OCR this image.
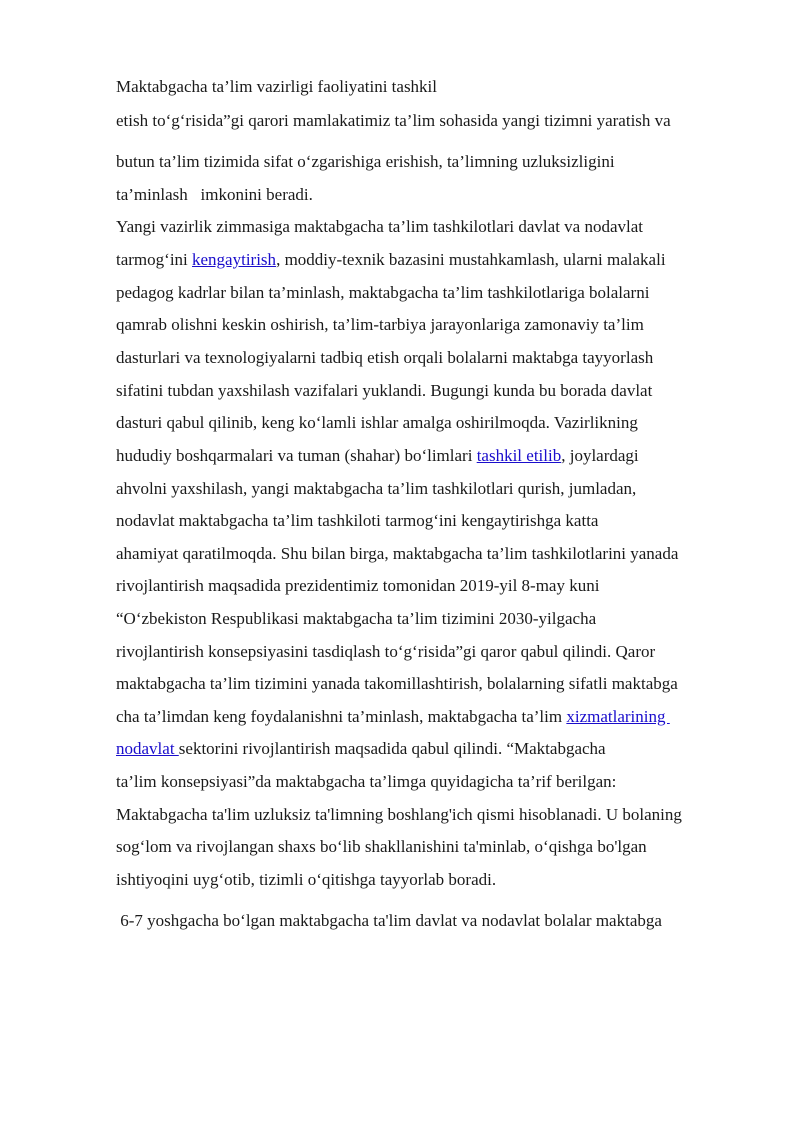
Maktabgacha ta’lim vazirligi faoliyatini tashkil
etish to‘g‘risida”gi qarori mamlakatimiz ta’lim sohasida yangi tizimni yaratish va
butun ta’lim tizimida sifat o‘zgarishiga erishish, ta’limning uzluksizligini
ta’minlash   imkonini beradi.
Yangi vazirlik zimmasiga maktabgacha ta’lim tashkilotlari davlat va nodavlat
tarmog‘ini kengaytirish, moddiy-texnik bazasini mustahkamlash, ularni malakali
pedagog kadrlar bilan ta’minlash, maktabgacha ta’lim tashkilotlariga bolalarni
qamrab olishni keskin oshirish, ta’lim-tarbiya jarayonlariga zamonaviy ta’lim
dasturlari va texnologiyalarni tadbiq etish orqali bolalarni maktabga tayyorlash
sifatini tubdan yaxshilash vazifalari yuklandi. Bugungi kunda bu borada davlat
dasturi qabul qilinib, keng ko‘lamli ishlar amalga oshirilmoqda. Vazirlikning
hududiy boshqarmalari va tuman (shahar) bo‘limlari tashkil etilib, joylardagi
ahvolni yaxshilash, yangi maktabgacha ta’lim tashkilotlari qurish, jumladan,
nodavlat maktabgacha ta’lim tashkiloti tarmog‘ini kengaytirishga katta
ahamiyat qaratilmoqda. Shu bilan birga, maktabgacha ta’lim tashkilotlarini yanada
rivojlantirish maqsadida prezidentimiz tomonidan 2019-yil 8-may kuni
“O‘zbekiston Respublikasi maktabgacha ta’lim tizimini 2030-yilgacha
rivojlantirish konsepsiyasini tasdiqlash to‘g‘risida”gi qaror qabul qilindi. Qaror
maktabgacha ta’lim tizimini yanada takomillashtirish, bolalarning sifatli maktabga
cha ta’limdan keng foydalanishni ta’minlash, maktabgacha ta’lim xizmatlarining
nodavlat sektorini rivojlantirish maqsadida qabul qilindi. “Maktabgacha
ta’lim konsepsiyasi”da maktabgacha ta’limga quyidagicha ta’rif berilgan:
Maktabgacha ta'lim uzluksiz ta'limning boshlang'ich qismi hisoblanadi. U bolaning
sog‘lom va rivojlangan shaxs bo‘lib shakllanishini ta'minlab, o‘qishga bo'lgan
ishtiyoqini uyg‘otib, tizimli o‘qitishga tayyorlab boradi.
6-7 yoshgacha bo‘lgan maktabgacha ta'lim davlat va nodavlat bolalar maktabga
